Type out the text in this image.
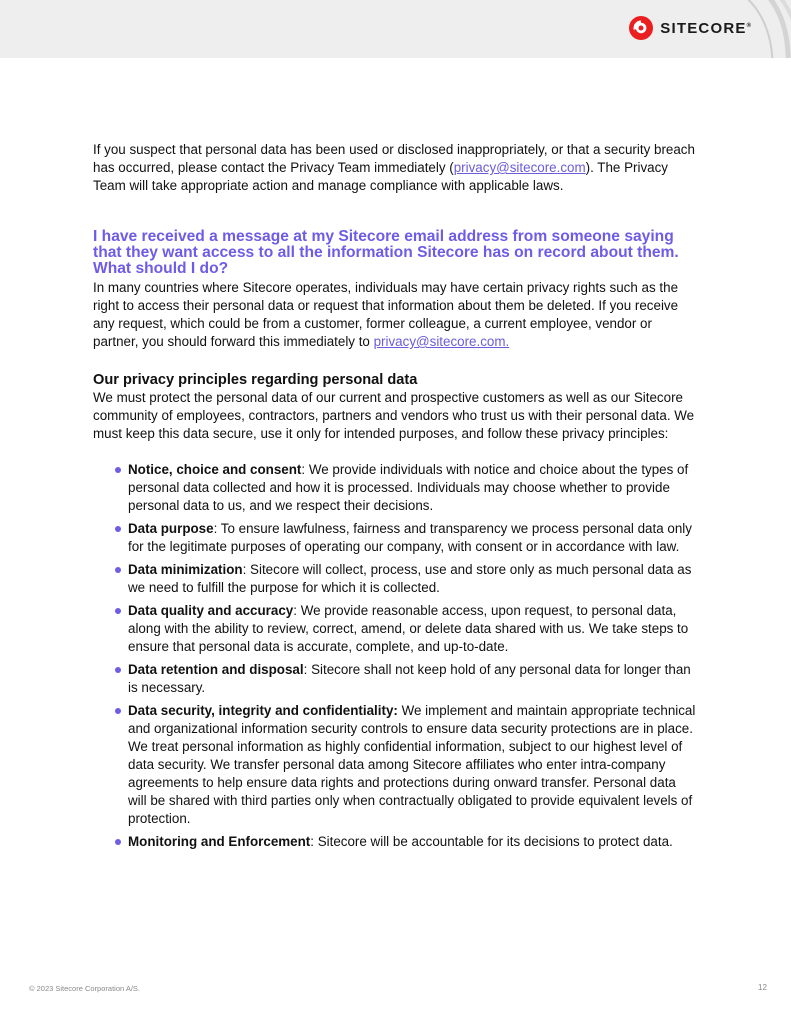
SITECORE®

If you suspect that personal data has been used or disclosed inappropriately, or that a security breach has occurred, please contact the Privacy Team immediately (privacy@sitecore.com). The Privacy Team will take appropriate action and manage compliance with applicable laws.

I have received a message at my Sitecore email address from someone saying that they want access to all the information Sitecore has on record about them. What should I do?

In many countries where Sitecore operates, individuals may have certain privacy rights such as the right to access their personal data or request that information about them be deleted. If you receive any request, which could be from a customer, former colleague, a current employee, vendor or partner, you should forward this immediately to privacy@sitecore.com.

Our privacy principles regarding personal data

We must protect the personal data of our current and prospective customers as well as our Sitecore community of employees, contractors, partners and vendors who trust us with their personal data. We must keep this data secure, use it only for intended purposes, and follow these privacy principles:

Notice, choice and consent: We provide individuals with notice and choice about the types of personal data collected and how it is processed. Individuals may choose whether to provide personal data to us, and we respect their decisions.
Data purpose: To ensure lawfulness, fairness and transparency we process personal data only for the legitimate purposes of operating our company, with consent or in accordance with law.
Data minimization: Sitecore will collect, process, use and store only as much personal data as we need to fulfill the purpose for which it is collected.
Data quality and accuracy: We provide reasonable access, upon request, to personal data, along with the ability to review, correct, amend, or delete data shared with us. We take steps to ensure that personal data is accurate, complete, and up-to-date.
Data retention and disposal: Sitecore shall not keep hold of any personal data for longer than is necessary.
Data security, integrity and confidentiality: We implement and maintain appropriate technical and organizational information security controls to ensure data security protections are in place. We treat personal information as highly confidential information, subject to our highest level of data security. We transfer personal data among Sitecore affiliates who enter intra-company agreements to help ensure data rights and protections during onward transfer. Personal data will be shared with third parties only when contractually obligated to provide equivalent levels of protection.
Monitoring and Enforcement: Sitecore will be accountable for its decisions to protect data.
© 2023 Sitecore Corporation A/S.	12
